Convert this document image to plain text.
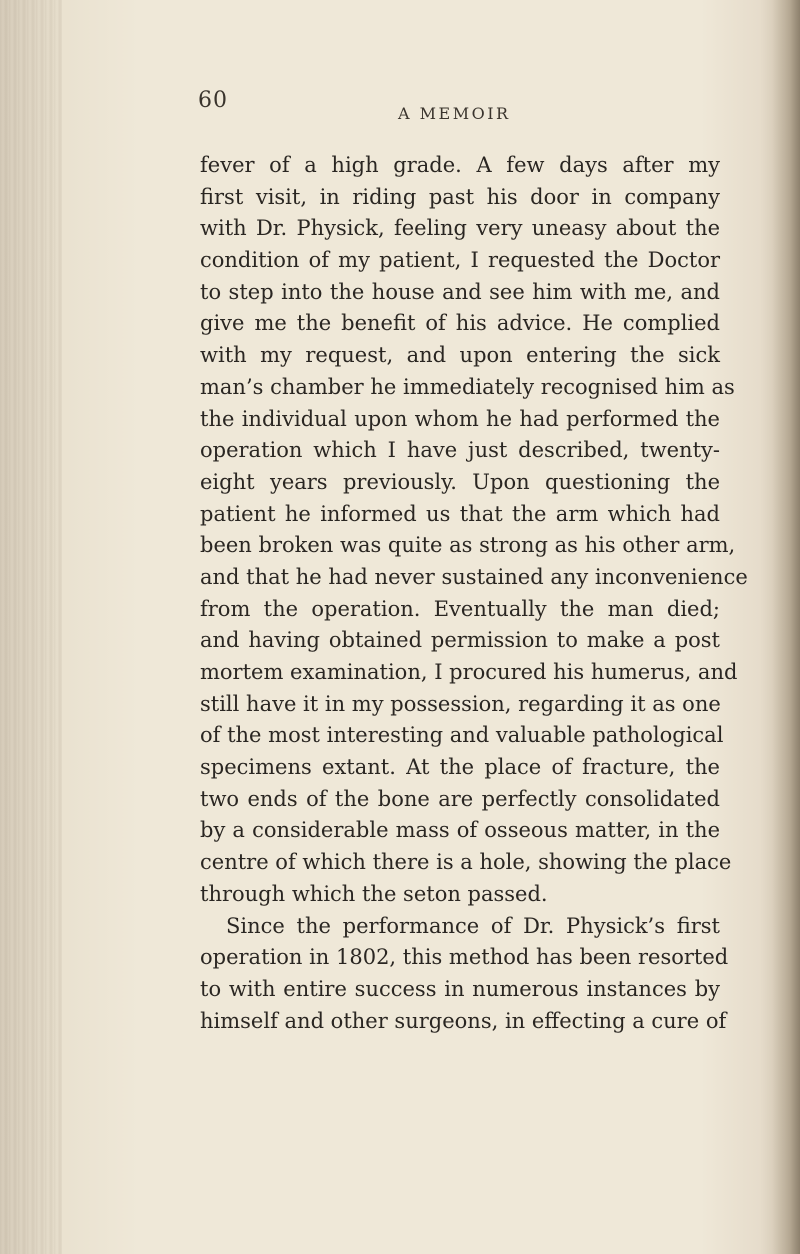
60
A MEMOIR
fever of a high grade. A few days after my
first visit, in riding past his door in company
with Dr. Physick, feeling very uneasy about the
condition of my patient, I requested the Doctor
to step into the house and see him with me, and
give me the benefit of his advice. He complied
with my request, and upon entering the sick
man’s chamber he immediately recognised him as
the individual upon whom he had performed the
operation which I have just described, twenty-
eight years previously. Upon questioning the
patient he informed us that the arm which had
been broken was quite as strong as his other arm,
and that he had never sustained any inconvenience
from the operation. Eventually the man died;
and having obtained permission to make a post
mortem examination, I procured his humerus, and
still have it in my possession, regarding it as one
of the most interesting and valuable pathological
specimens extant. At the place of fracture, the
two ends of the bone are perfectly consolidated
by a considerable mass of osseous matter, in the
centre of which there is a hole, showing the place
through which the seton passed.
Since the performance of Dr. Physick’s first
operation in 1802, this method has been resorted
to with entire success in numerous instances by
himself and other surgeons, in effecting a cure of
